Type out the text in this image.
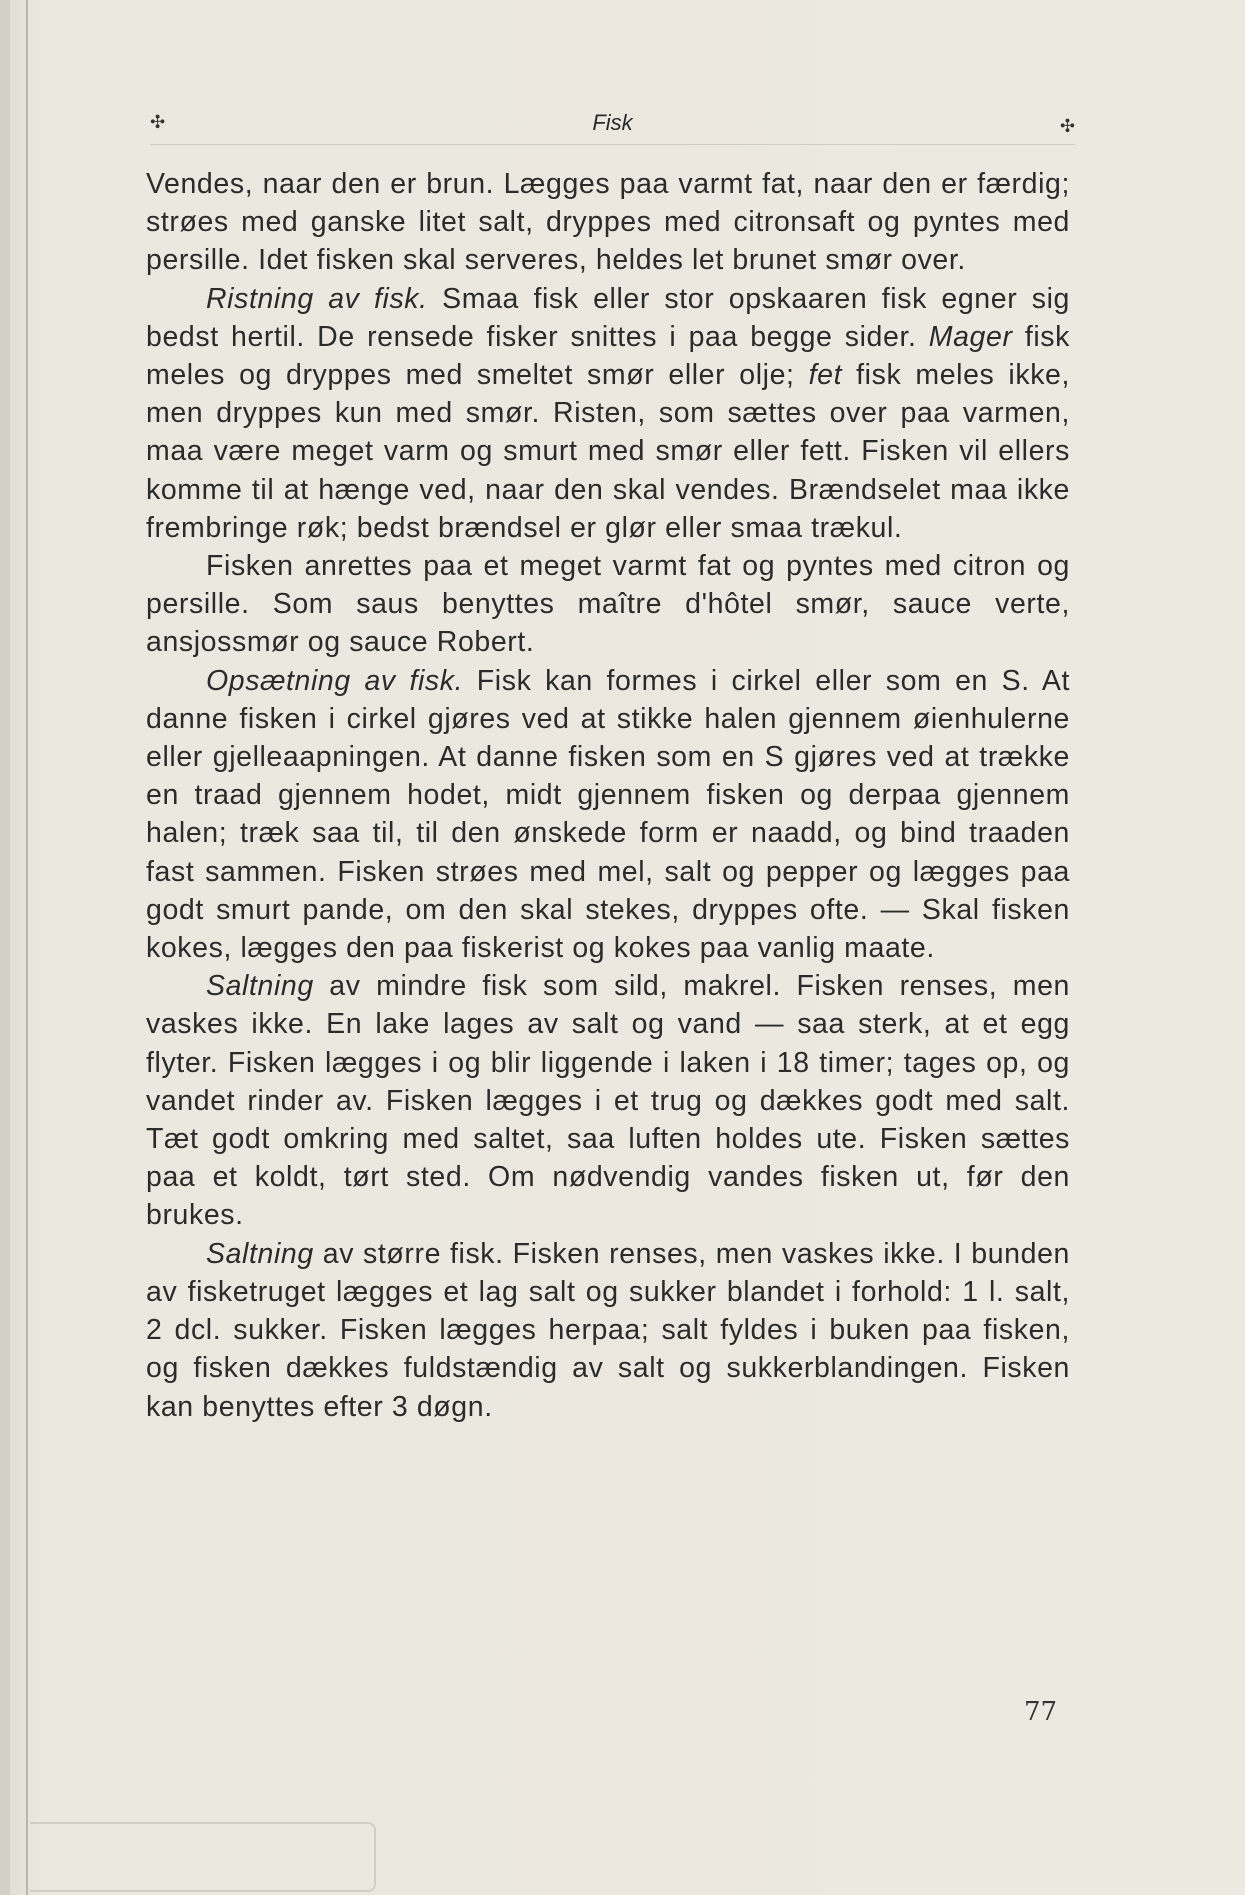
✣	Fisk	✣

Vendes, naar den er brun. Lægges paa varmt fat, naar den er færdig; strøes med ganske litet salt, dryppes med citronsaft og pyntes med persille. Idet fisken skal serveres, heldes let brunet smør over.

Ristning av fisk. Smaa fisk eller stor opskaaren fisk egner sig bedst hertil. De rensede fisker snittes i paa begge sider. Mager fisk meles og dryppes med smeltet smør eller olje; fet fisk meles ikke, men dryppes kun med smør. Risten, som sættes over paa varmen, maa være meget varm og smurt med smør eller fett. Fisken vil ellers komme til at hænge ved, naar den skal vendes. Brændselet maa ikke frembringe røk; bedst brændsel er glør eller smaa trækul.

Fisken anrettes paa et meget varmt fat og pyntes med citron og persille. Som saus benyttes maître d'hôtel smør, sauce verte, ansjossmør og sauce Robert.

Opsætning av fisk. Fisk kan formes i cirkel eller som en S. At danne fisken i cirkel gjøres ved at stikke halen gjennem øienhulerne eller gjelleaapningen. At danne fisken som en S gjøres ved at trække en traad gjennem hodet, midt gjennem fisken og derpaa gjennem halen; træk saa til, til den ønskede form er naadd, og bind traaden fast sammen. Fisken strøes med mel, salt og pepper og lægges paa godt smurt pande, om den skal stekes, dryppes ofte. — Skal fisken kokes, lægges den paa fiskerist og kokes paa vanlig maate.

Saltning av mindre fisk som sild, makrel. Fisken renses, men vaskes ikke. En lake lages av salt og vand — saa sterk, at et egg flyter. Fisken lægges i og blir liggende i laken i 18 timer; tages op, og vandet rinder av. Fisken lægges i et trug og dækkes godt med salt. Tæt godt omkring med saltet, saa luften holdes ute. Fisken sættes paa et koldt, tørt sted. Om nødvendig vandes fisken ut, før den brukes.

Saltning av større fisk. Fisken renses, men vaskes ikke. I bunden av fisketruget lægges et lag salt og sukker blandet i forhold: 1 l. salt, 2 dcl. sukker. Fisken lægges herpaa; salt fyldes i buken paa fisken, og fisken dækkes fuldstændig av salt og sukkerblandingen. Fisken kan benyttes efter 3 døgn.

77
